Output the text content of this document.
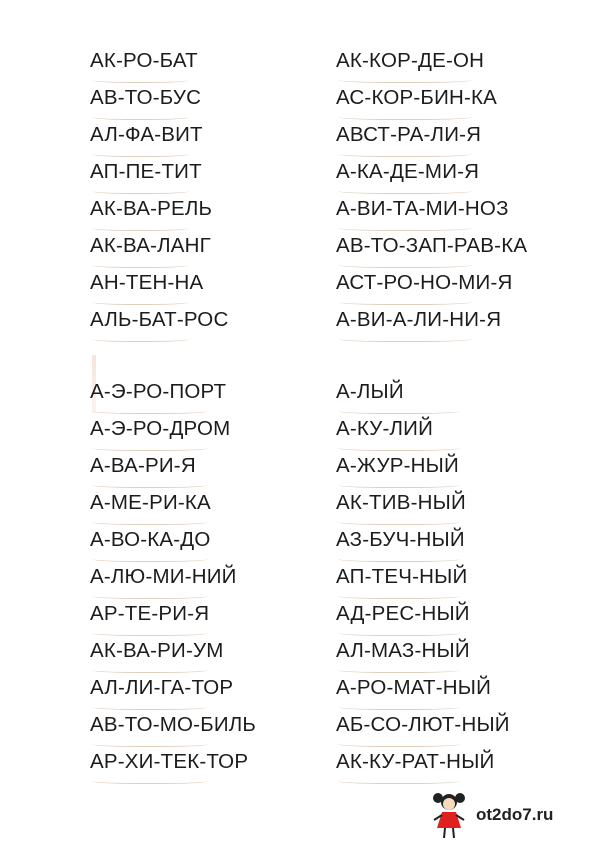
АК-РО-БАТ
АВ-ТО-БУС
АЛ-ФА-ВИТ
АП-ПЕ-ТИТ
АК-ВА-РЕЛЬ
АК-ВА-ЛАНГ
АН-ТЕН-НА
АЛЬ-БАТ-РОС
АК-КОР-ДЕ-ОН
АС-КОР-БИН-КА
АВСТ-РА-ЛИ-Я
А-КА-ДЕ-МИ-Я
А-ВИ-ТА-МИ-НОЗ
АВ-ТО-ЗАП-РАВ-КА
АСТ-РО-НО-МИ-Я
А-ВИ-А-ЛИ-НИ-Я
А-Э-РО-ПОРТ
А-Э-РО-ДРОМ
А-ВА-РИ-Я
А-МЕ-РИ-КА
А-ВО-КА-ДО
А-ЛЮ-МИ-НИЙ
АР-ТЕ-РИ-Я
АК-ВА-РИ-УМ
АЛ-ЛИ-ГА-ТОР
АВ-ТО-МО-БИЛЬ
АР-ХИ-ТЕК-ТОР
А-ЛЫЙ
А-КУ-ЛИЙ
А-ЖУР-НЫЙ
АК-ТИВ-НЫЙ
АЗ-БУЧ-НЫЙ
АП-ТЕЧ-НЫЙ
АД-РЕС-НЫЙ
АЛ-МАЗ-НЫЙ
А-РО-МАТ-НЫЙ
АБ-СО-ЛЮТ-НЫЙ
АК-КУ-РАТ-НЫЙ
ot2do7.ru
